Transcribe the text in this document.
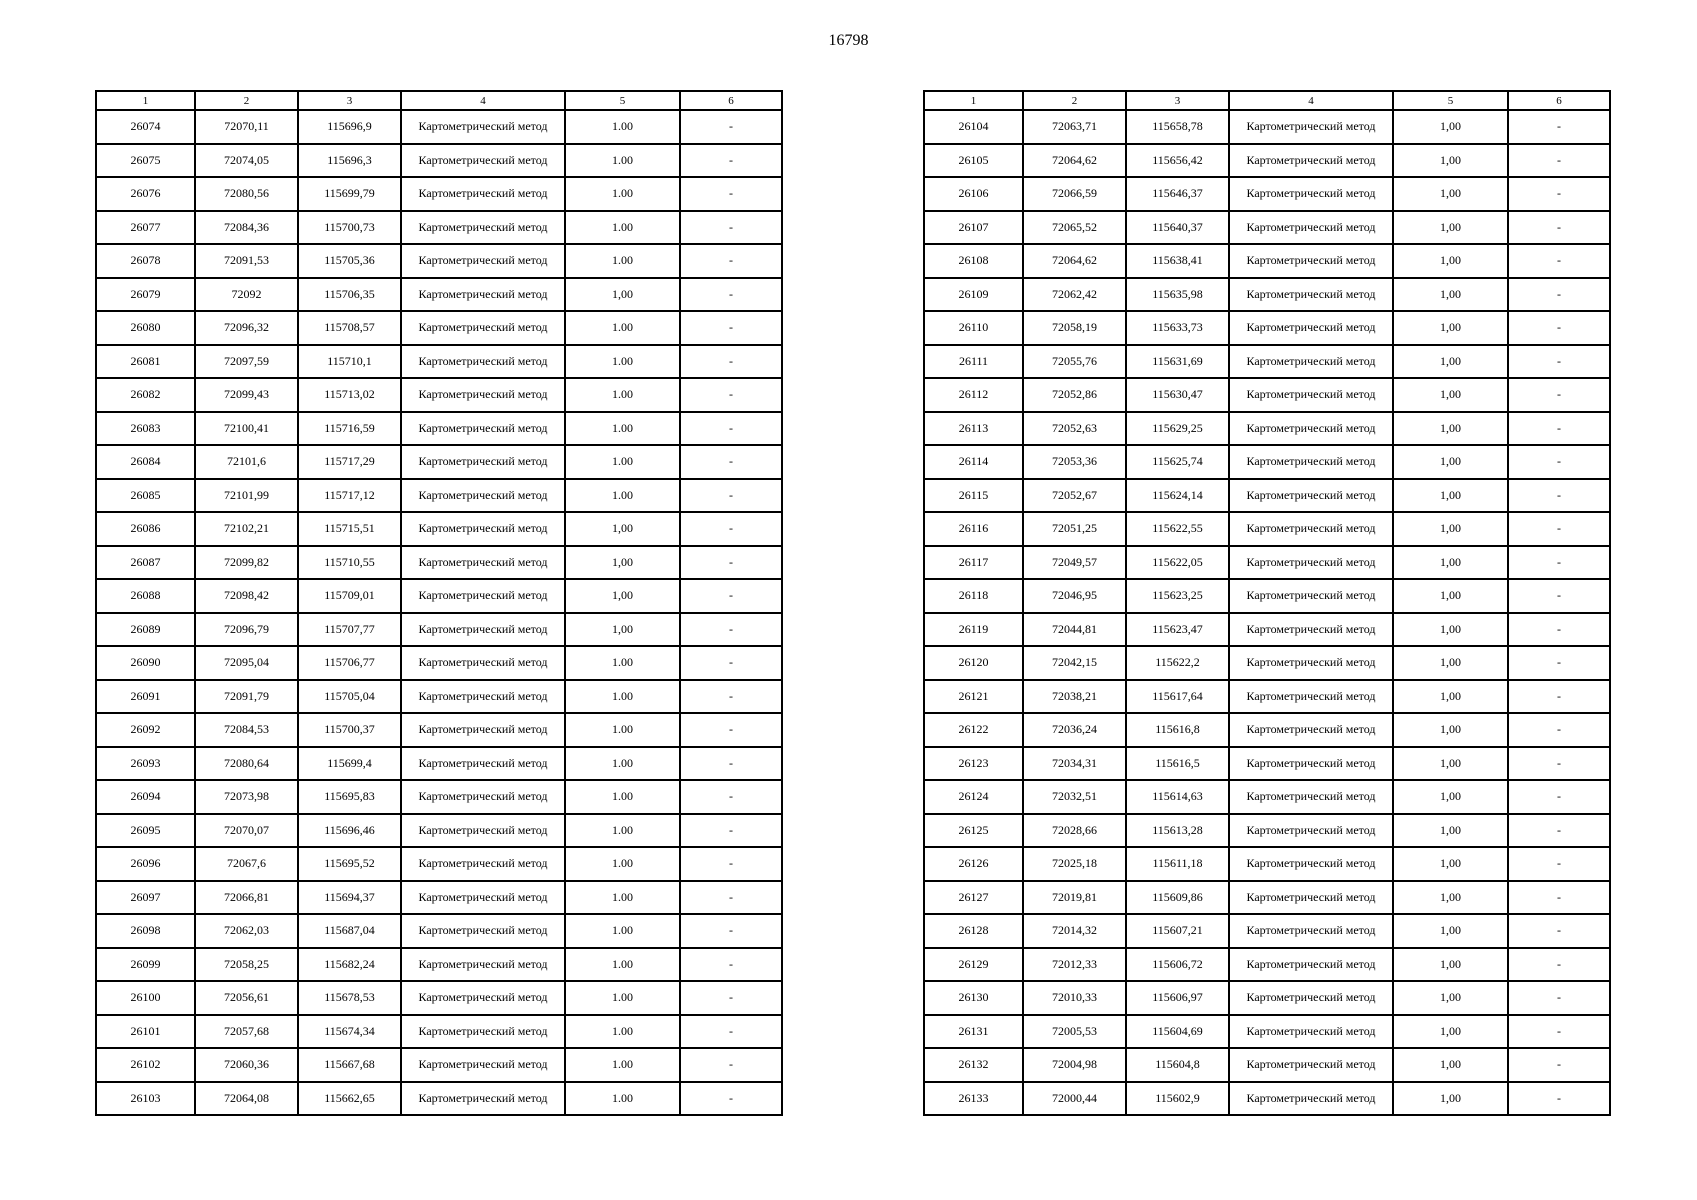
16798
1	2	3	4	5	6
26074	72070,11	115696,9	Картометрический метод	1.00	-
26075	72074,05	115696,3	Картометрический метод	1.00	-
26076	72080,56	115699,79	Картометрический метод	1.00	-
26077	72084,36	115700,73	Картометрический метод	1.00	-
26078	72091,53	115705,36	Картометрический метод	1.00	-
26079	72092	115706,35	Картометрический метод	1,00	-
26080	72096,32	115708,57	Картометрический метод	1.00	-
26081	72097,59	115710,1	Картометрический метод	1.00	-
26082	72099,43	115713,02	Картометрический метод	1.00	-
26083	72100,41	115716,59	Картометрический метод	1.00	-
26084	72101,6	115717,29	Картометрический метод	1.00	-
26085	72101,99	115717,12	Картометрический метод	1.00	-
26086	72102,21	115715,51	Картометрический метод	1,00	-
26087	72099,82	115710,55	Картометрический метод	1,00	-
26088	72098,42	115709,01	Картометрический метод	1,00	-
26089	72096,79	115707,77	Картометрический метод	1,00	-
26090	72095,04	115706,77	Картометрический метод	1.00	-
26091	72091,79	115705,04	Картометрический метод	1.00	-
26092	72084,53	115700,37	Картометрический метод	1.00	-
26093	72080,64	115699,4	Картометрический метод	1.00	-
26094	72073,98	115695,83	Картометрический метод	1.00	-
26095	72070,07	115696,46	Картометрический метод	1.00	-
26096	72067,6	115695,52	Картометрический метод	1.00	-
26097	72066,81	115694,37	Картометрический метод	1.00	-
26098	72062,03	115687,04	Картометрический метод	1.00	-
26099	72058,25	115682,24	Картометрический метод	1.00	-
26100	72056,61	115678,53	Картометрический метод	1.00	-
26101	72057,68	115674,34	Картометрический метод	1.00	-
26102	72060,36	115667,68	Картометрический метод	1.00	-
26103	72064,08	115662,65	Картометрический метод	1.00	-
1	2	3	4	5	6
26104	72063,71	115658,78	Картометрический метод	1,00	-
26105	72064,62	115656,42	Картометрический метод	1,00	-
26106	72066,59	115646,37	Картометрический метод	1,00	-
26107	72065,52	115640,37	Картометрический метод	1,00	-
26108	72064,62	115638,41	Картометрический метод	1,00	-
26109	72062,42	115635,98	Картометрический метод	1,00	-
26110	72058,19	115633,73	Картометрический метод	1,00	-
26111	72055,76	115631,69	Картометрический метод	1,00	-
26112	72052,86	115630,47	Картометрический метод	1,00	-
26113	72052,63	115629,25	Картометрический метод	1,00	-
26114	72053,36	115625,74	Картометрический метод	1,00	-
26115	72052,67	115624,14	Картометрический метод	1,00	-
26116	72051,25	115622,55	Картометрический метод	1,00	-
26117	72049,57	115622,05	Картометрический метод	1,00	-
26118	72046,95	115623,25	Картометрический метод	1,00	-
26119	72044,81	115623,47	Картометрический метод	1,00	-
26120	72042,15	115622,2	Картометрический метод	1,00	-
26121	72038,21	115617,64	Картометрический метод	1,00	-
26122	72036,24	115616,8	Картометрический метод	1,00	-
26123	72034,31	115616,5	Картометрический метод	1,00	-
26124	72032,51	115614,63	Картометрический метод	1,00	-
26125	72028,66	115613,28	Картометрический метод	1,00	-
26126	72025,18	115611,18	Картометрический метод	1,00	-
26127	72019,81	115609,86	Картометрический метод	1,00	-
26128	72014,32	115607,21	Картометрический метод	1,00	-
26129	72012,33	115606,72	Картометрический метод	1,00	-
26130	72010,33	115606,97	Картометрический метод	1,00	-
26131	72005,53	115604,69	Картометрический метод	1,00	-
26132	72004,98	115604,8	Картометрический метод	1,00	-
26133	72000,44	115602,9	Картометрический метод	1,00	-
